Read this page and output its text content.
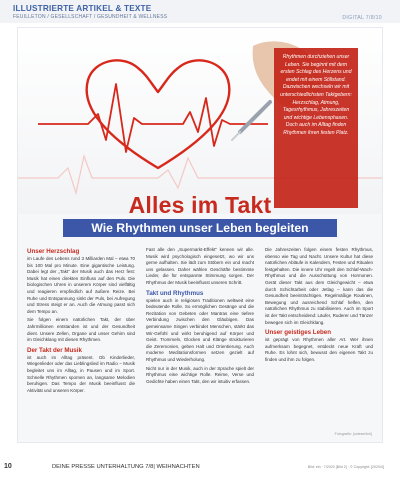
ILLUSTRIERTE ARTIKEL & TEXTE
FEUILLETON / GESELLSCHAFT / GESUNDHEIT & WELLNESS	DIGITAL 7/8/10

Rhythmen durchziehen unser Leben. Sie beginnt mit dem ersten Schlag des Herzens und endet mit einem Stillstand. Dazwischen wechseln wir mit unterschiedlichsten Taktgebern: Herzschlag, Atmung, Tagesrhythmus, Jahreszeiten und wichtige Lebensphasen. Doch auch im Alltag finden Rhythmen ihren festen Platz.

Alles im Takt
Wie Rhythmen unser Leben begleiten
Unser Herzschlag

im Laufe des Lebens rund 3 Milliarden Mal – etwa 70 bis 100 Mal pro Minute. Eine gigantische Leistung. Dabei legt der „Takt“ der Musik auch das Herz fest: Musik hat einen direkten Einfluss auf den Puls. Die biologischen Uhren in unserem Körper sind vielfältig und reagieren empfindlich auf äußere Reize. Bei Ruhe und Entspannung sinkt der Puls, bei Aufregung und Stress steigt er an. Auch die Atmung passt sich dem Tempo an.

Sie folgen einem natürlichen Takt, der über Jahrmillionen entstanden ist und der Gesundheit dient. Unsere Zellen, Organe und unser Gehirn sind im Gleichklang mit diesen Rhythmen.

Der Takt der Musik

ist auch im Alltag präsent. Ob Kinderlieder, Wiegenlieder oder das Lieblingslied im Radio – Musik begleitet uns im Alltag, in Pausen und im Sport. Schnelle Rhythmen spornen an, langsame Melodien beruhigen. Das Tempo der Musik beeinflusst die Aktivität und unseren Körper.

Fast alle den „Supermarkt-Effekt“ kennen wir alle. Musik wird psychologisch eingesetzt, wo wir uns gerne aufhalten. Sie lädt zum Stöbern ein und macht uns gelassen. Daher wählen Geschäfte bestimmte Lieder, die für entspannte Stimmung sorgen. Der Rhythmus der Musik beeinflusst unseren Schritt.

Takt und Rhythmus

spielen auch in religiösen Traditionen weltweit eine bedeutende Rolle. So ermöglichen Gesänge und die Rezitation von Gebeten oder Mantras eine tiefere Verbindung zwischen den Gläubigen. Das gemeinsame Singen verbindet Menschen, stärkt das Wir-Gefühl und wirkt beruhigend auf Körper und Geist. Trommeln, Glocken und Klänge strukturieren die Zeremonien, geben Halt und Orientierung. Auch moderne Meditationsformen setzen gezielt auf Rhythmus und Wiederholung.

Nicht nur in der Musik, auch in der Sprache spielt der Rhythmus eine wichtige Rolle. Reime, Verse und Gedichte haben einen Takt, den wir intuitiv erfassen.

Die Jahreszeiten folgen einem festen Rhythmus, ebenso wie Tag und Nacht. Unsere Kultur hat diese natürlichen Abläufe in Kalendern, Festen und Ritualen festgehalten. Die innere Uhr regelt den Schlaf-Wach-Rhythmus und die Ausschüttung von Hormonen. Gerät dieser Takt aus dem Gleichgewicht – etwa durch Schichtarbeit oder Jetlag – kann das die Gesundheit beeinträchtigen. Regelmäßige Routinen, Bewegung und ausreichend Schlaf helfen, den natürlichen Rhythmus zu stabilisieren. Auch im Sport ist der Takt entscheidend: Läufer, Ruderer und Tänzer bewegen sich im Gleichklang.

Unser geistiges Leben

ist geprägt von Rhythmen aller Art. Wer ihnen aufmerksam begegnet, entdeckt neue Kraft und Ruhe. Es lohnt sich, bewusst den eigenen Takt zu finden und ihm zu folgen.

Fotografie: [unleserlich]
10	DEINE PRESSE UNTERHALTUNG 7/8| WEIHNACHTEN	Bild: ein · 7/2020 [Bild 2] · © Copyright: [2020/4]
